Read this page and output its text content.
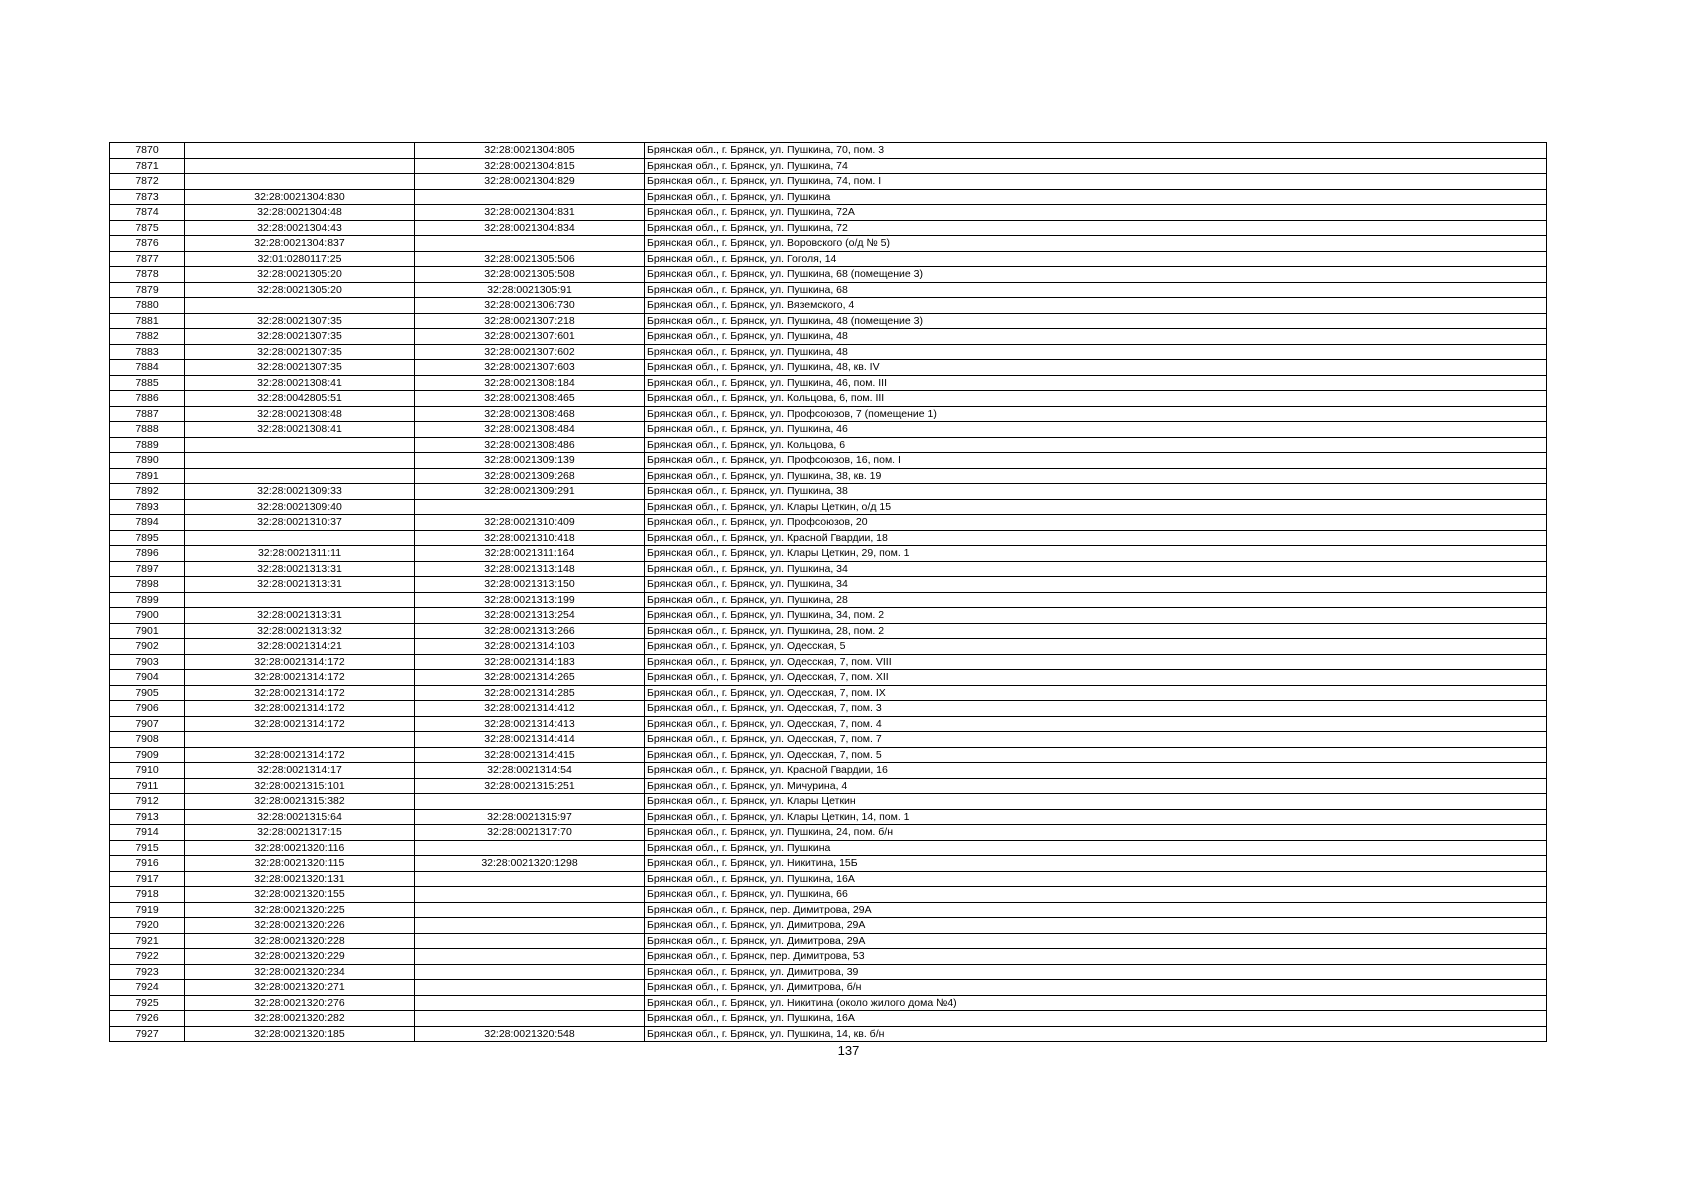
7870		32:28:0021304:805	Брянская обл., г. Брянск, ул. Пушкина, 70, пом. 3
7871		32:28:0021304:815	Брянская обл., г. Брянск, ул. Пушкина, 74
7872		32:28:0021304:829	Брянская обл., г. Брянск, ул. Пушкина, 74, пом. I
7873	32:28:0021304:830		Брянская обл., г. Брянск, ул. Пушкина
7874	32:28:0021304:48	32:28:0021304:831	Брянская обл., г. Брянск, ул. Пушкина, 72А
7875	32:28:0021304:43	32:28:0021304:834	Брянская обл., г. Брянск, ул. Пушкина, 72
7876	32:28:0021304:837		Брянская обл., г. Брянск, ул. Воровского (о/д № 5)
7877	32:01:0280117:25	32:28:0021305:506	Брянская обл., г. Брянск, ул. Гоголя, 14
7878	32:28:0021305:20	32:28:0021305:508	Брянская обл., г. Брянск, ул. Пушкина, 68 (помещение 3)
7879	32:28:0021305:20	32:28:0021305:91	Брянская обл., г. Брянск, ул. Пушкина, 68
7880		32:28:0021306:730	Брянская обл., г. Брянск, ул. Вяземского, 4
7881	32:28:0021307:35	32:28:0021307:218	Брянская обл., г. Брянск, ул. Пушкина, 48 (помещение 3)
7882	32:28:0021307:35	32:28:0021307:601	Брянская обл., г. Брянск, ул. Пушкина, 48
7883	32:28:0021307:35	32:28:0021307:602	Брянская обл., г. Брянск, ул. Пушкина, 48
7884	32:28:0021307:35	32:28:0021307:603	Брянская обл., г. Брянск, ул. Пушкина, 48, кв. IV
7885	32:28:0021308:41	32:28:0021308:184	Брянская обл., г. Брянск, ул. Пушкина, 46, пом. III
7886	32:28:0042805:51	32:28:0021308:465	Брянская обл., г. Брянск, ул. Кольцова, 6, пом. III
7887	32:28:0021308:48	32:28:0021308:468	Брянская обл., г. Брянск, ул. Профсоюзов, 7 (помещение 1)
7888	32:28:0021308:41	32:28:0021308:484	Брянская обл., г. Брянск, ул. Пушкина, 46
7889		32:28:0021308:486	Брянская обл., г. Брянск, ул. Кольцова, 6
7890		32:28:0021309:139	Брянская обл., г. Брянск, ул. Профсоюзов, 16, пом. I
7891		32:28:0021309:268	Брянская обл., г. Брянск, ул. Пушкина, 38, кв. 19
7892	32:28:0021309:33	32:28:0021309:291	Брянская обл., г. Брянск, ул. Пушкина, 38
7893	32:28:0021309:40		Брянская обл., г. Брянск, ул. Клары Цеткин, о/д 15
7894	32:28:0021310:37	32:28:0021310:409	Брянская обл., г. Брянск, ул. Профсоюзов, 20
7895		32:28:0021310:418	Брянская обл., г. Брянск, ул. Красной Гвардии, 18
7896	32:28:0021311:11	32:28:0021311:164	Брянская обл., г. Брянск, ул. Клары Цеткин, 29, пом. 1
7897	32:28:0021313:31	32:28:0021313:148	Брянская обл., г. Брянск, ул. Пушкина, 34
7898	32:28:0021313:31	32:28:0021313:150	Брянская обл., г. Брянск, ул. Пушкина, 34
7899		32:28:0021313:199	Брянская обл., г. Брянск, ул. Пушкина, 28
7900	32:28:0021313:31	32:28:0021313:254	Брянская обл., г. Брянск, ул. Пушкина, 34, пом. 2
7901	32:28:0021313:32	32:28:0021313:266	Брянская обл., г. Брянск, ул. Пушкина, 28, пом. 2
7902	32:28:0021314:21	32:28:0021314:103	Брянская обл., г. Брянск, ул. Одесская, 5
7903	32:28:0021314:172	32:28:0021314:183	Брянская обл., г. Брянск, ул. Одесская, 7, пом. VIII
7904	32:28:0021314:172	32:28:0021314:265	Брянская обл., г. Брянск, ул. Одесская, 7, пом. XII
7905	32:28:0021314:172	32:28:0021314:285	Брянская обл., г. Брянск, ул. Одесская, 7, пом. IX
7906	32:28:0021314:172	32:28:0021314:412	Брянская обл., г. Брянск, ул. Одесская, 7, пом. 3
7907	32:28:0021314:172	32:28:0021314:413	Брянская обл., г. Брянск, ул. Одесская, 7, пом. 4
7908		32:28:0021314:414	Брянская обл., г. Брянск, ул. Одесская, 7, пом. 7
7909	32:28:0021314:172	32:28:0021314:415	Брянская обл., г. Брянск, ул. Одесская, 7, пом. 5
7910	32:28:0021314:17	32:28:0021314:54	Брянская обл., г. Брянск, ул. Красной Гвардии, 16
7911	32:28:0021315:101	32:28:0021315:251	Брянская обл., г. Брянск, ул. Мичурина, 4
7912	32:28:0021315:382		Брянская обл., г. Брянск, ул. Клары Цеткин
7913	32:28:0021315:64	32:28:0021315:97	Брянская обл., г. Брянск, ул. Клары Цеткин, 14, пом. 1
7914	32:28:0021317:15	32:28:0021317:70	Брянская обл., г. Брянск, ул. Пушкина, 24, пом. б/н
7915	32:28:0021320:116		Брянская обл., г. Брянск, ул. Пушкина
7916	32:28:0021320:115	32:28:0021320:1298	Брянская обл., г. Брянск, ул. Никитина, 15Б
7917	32:28:0021320:131		Брянская обл., г. Брянск, ул. Пушкина, 16А
7918	32:28:0021320:155		Брянская обл., г. Брянск, ул. Пушкина, 66
7919	32:28:0021320:225		Брянская обл., г. Брянск, пер. Димитрова, 29А
7920	32:28:0021320:226		Брянская обл., г. Брянск, ул. Димитрова, 29А
7921	32:28:0021320:228		Брянская обл., г. Брянск, ул. Димитрова, 29А
7922	32:28:0021320:229		Брянская обл., г. Брянск, пер. Димитрова, 53
7923	32:28:0021320:234		Брянская обл., г. Брянск, ул. Димитрова, 39
7924	32:28:0021320:271		Брянская обл., г. Брянск, ул. Димитрова, б/н
7925	32:28:0021320:276		Брянская обл., г. Брянск, ул. Никитина (около жилого дома №4)
7926	32:28:0021320:282		Брянская обл., г. Брянск, ул. Пушкина, 16А
7927	32:28:0021320:185	32:28:0021320:548	Брянская обл., г. Брянск, ул. Пушкина, 14, кв. б/н
137
